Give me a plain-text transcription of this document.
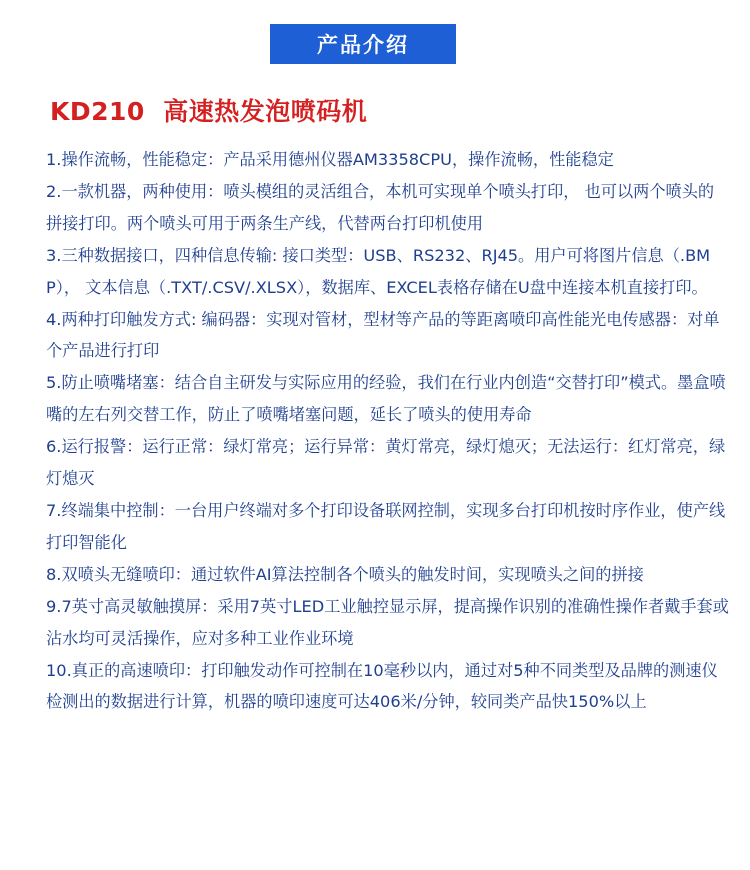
产品介绍
KD210  高速热发泡喷码机
1.操作流畅，性能稳定：产品采用德州仪器AM3358CPU，操作流畅，性能稳定
2.一款机器，两种使用：喷头模组的灵活组合，本机可实现单个喷头打印， 也可以两个喷头的拼接打印。两个喷头可用于两条生产线，代替两台打印机使用
3.三种数据接口，四种信息传输: 接口类型：USB、RS232、RJ45。用户可将图片信息（.BMP）， 文本信息（.TXT/.CSV/.XLSX），数据库、EXCEL表格存储在U盘中连接本机直接打印。
4.两种打印触发方式: 编码器：实现对管材，型材等产品的等距离喷印高性能光电传感器：对单个产品进行打印
5.防止喷嘴堵塞：结合自主研发与实际应用的经验，我们在行业内创造“交替打印”模式。墨盒喷嘴的左右列交替工作，防止了喷嘴堵塞问题，延长了喷头的使用寿命
6.运行报警：运行正常：绿灯常亮；运行异常：黄灯常亮，绿灯熄灭；无法运行：红灯常亮，绿灯熄灭
7.终端集中控制：一台用户终端对多个打印设备联网控制，实现多台打印机按时序作业，使产线打印智能化
8.双喷头无缝喷印：通过软件AI算法控制各个喷头的触发时间，实现喷头之间的拼接
9.7英寸高灵敏触摸屏：采用7英寸LED工业触控显示屏，提高操作识别的准确性操作者戴手套或沾水均可灵活操作，应对多种工业作业环境
10.真正的高速喷印：打印触发动作可控制在10毫秒以内，通过对5种不同类型及品牌的测速仪检测出的数据进行计算，机器的喷印速度可达406米/分钟，较同类产品快150%以上
